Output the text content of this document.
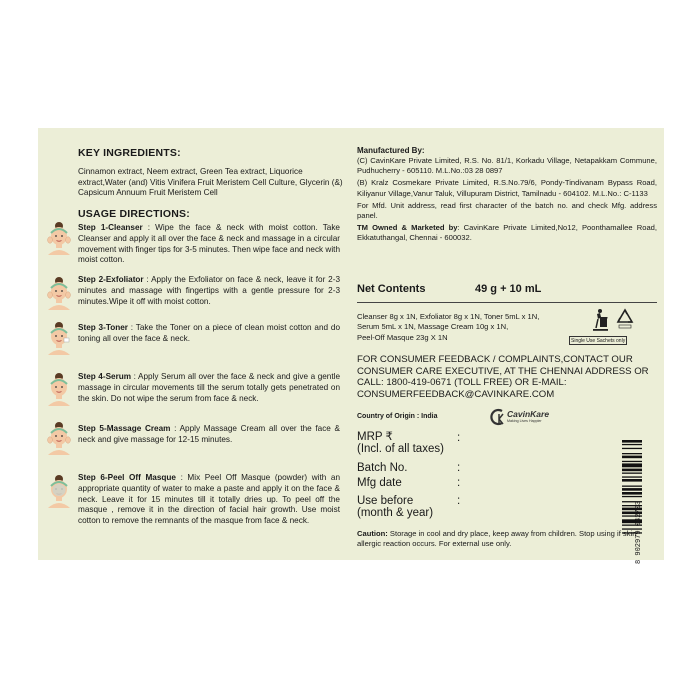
KEY INGREDIENTS:
Cinnamon extract, Neem extract, Green Tea extract, Liquorice extract,Water (and) Vitis Vinifera Fruit Meristem Cell Culture, Glycerin (&) Capsicum Annuum Fruit Meristem Cell
USAGE DIRECTIONS:
Step 1-Cleanser : Wipe the face & neck with moist cotton. Take Cleanser and apply it all over the face & neck and massage in a circular movement with finger tips for 3-5 minutes. Then wipe face and neck with moist cotton.
Step 2-Exfoliator : Apply the Exfoliator on face & neck, leave it for 2-3 minutes and massage with fingertips with a gentle pressure for 2-3 minutes.Wipe it off with moist cotton.
Step 3-Toner : Take the Toner on a piece of clean moist cotton and do toning all over the face & neck.
Step 4-Serum : Apply Serum all over the face & neck and give a gentle massage in circular movements till the serum totally gets penetrated on the skin. Do not wipe the serum from face & neck.
Step 5-Massage Cream : Apply Massage Cream all over the face & neck and give massage for 12-15 minutes.
Step 6-Peel Off Masque : Mix Peel Off Masque (powder) with an appropriate quantity of water to make a paste and apply it on the face & neck. Leave it for 15 minutes till it totally dries up. To peel off the masque , remove it in the direction of facial hair growth. Use moist cotton to remove the remnants of the masque from face & neck.
Manufactured By:
(C) CavinKare Private Limited, R.S. No. 81/1, Korkadu Village, Netapakkam Commune, Pudhucherry - 605110. M.L.No.:03 28 0897
(B) Kralz Cosmekare Private Limited, R.S.No.79/6, Pondy-Tindivanam Bypass Road, Kiliyanur Village,Vanur Taluk, Villupuram District, Tamilnadu - 604102. M.L.No.: C-1133
For Mfd. Unit address, read first character of the batch no. and check Mfg. address panel.
TM Owned & Marketed by: CavinKare Private Limited,No12, Poonthamallee Road, Ekkatuthangal, Chennai - 600032.
Net Contents	49 g + 10 mL
Cleanser 8g x 1N, Exfoliator 8g x 1N, Toner 5mL x 1N,
Serum 5mL x 1N, Massage Cream 10g x 1N,
Peel-Off Masque 23g X 1N
	Single Use Sachets only
FOR CONSUMER FEEDBACK / COMPLAINTS,CONTACT OUR CONSUMER CARE EXECUTIVE, AT THE CHENNAI ADDRESS OR CALL: 1800-419-0671 (TOLL FREE) OR E-MAIL: CONSUMERFEEDBACK@CAVINKARE.COM
Country of Origin : India	CavinKare
Making Lives Happier
MRP ₹
(Incl. of all taxes)
:
Batch No.	:
Mfg date	:
Use before
(month & year)
:	8 902979 042703
Caution: Storage in cool and dry place, keep away from children. Stop using if skin allergic reaction occurs. For external use only.
